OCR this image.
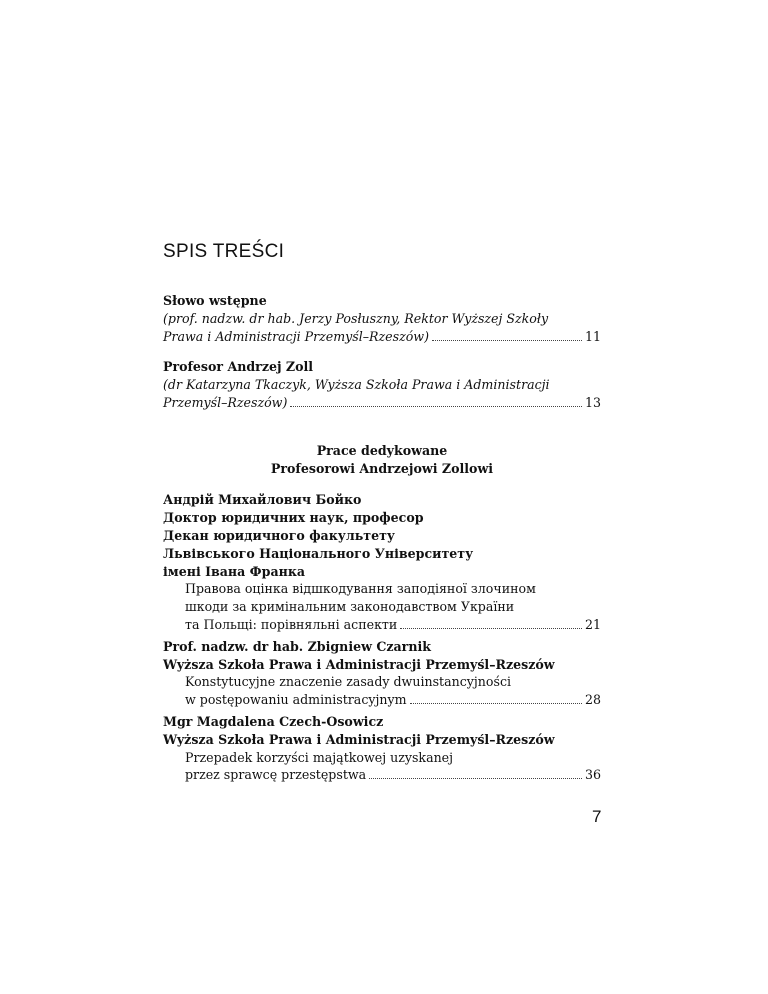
SPIS TREŚCI
Słowo wstępne
(prof. nadzw. dr hab. Jerzy Posłuszny, Rektor Wyższej Szkoły
Prawa i Administracji Przemyśl–Rzeszów)	11
Profesor Andrzej Zoll
(dr Katarzyna Tkaczyk, Wyższa Szkoła Prawa i Administracji
Przemyśl–Rzeszów)	13
Prace dedykowane
Profesorowi Andrzejowi Zollowi
Андрій Михайлович Бойко
Доктор юридичних наук, професор
Декан юридичного факультету
Львівського Національного Університету
імені Івана Франка
Правова оцінка відшкодування заподіяної злочином
шкоди за кримінальним законодавством України
та Польщі: порівняльні аспекти	21
Prof. nadzw. dr hab. Zbigniew Czarnik
Wyższa Szkoła Prawa i Administracji Przemyśl–Rzeszów
Konstytucyjne znaczenie zasady dwuinstancyjności
w postępowaniu administracyjnym	28
Mgr Magdalena Czech-Osowicz
Wyższa Szkoła Prawa i Administracji Przemyśl–Rzeszów
Przepadek korzyści majątkowej uzyskanej
przez sprawcę przestępstwa	36
7
